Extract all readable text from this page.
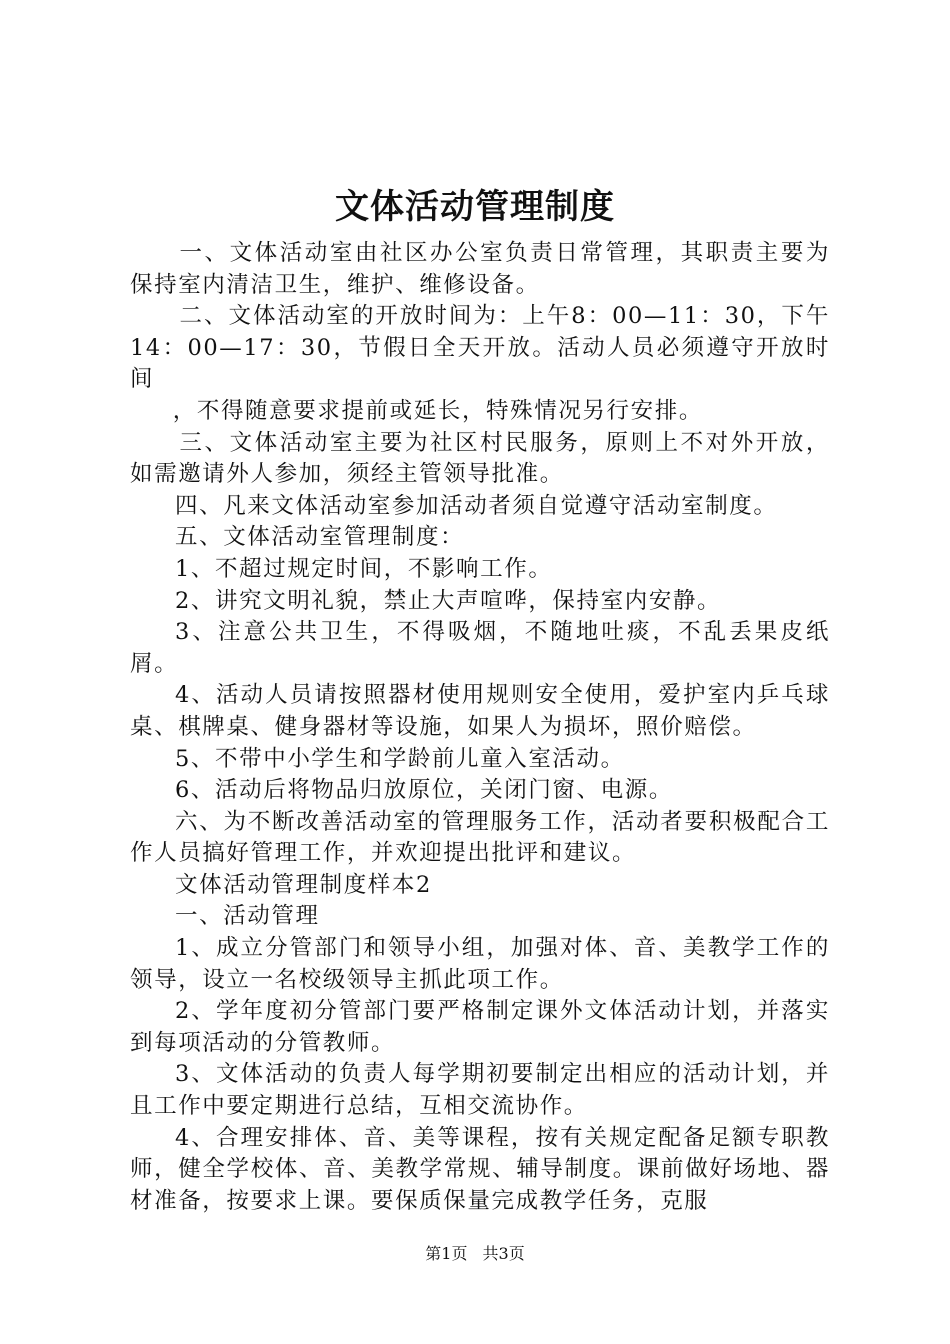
文体活动管理制度

一、文体活动室由社区办公室负责日常管理，其职责主要为保持室内清洁卫生，维护、维修设备。

二、文体活动室的开放时间为：上午8：00—11：30，下午14：00—17：30，节假日全天开放。活动人员必须遵守开放时间

，不得随意要求提前或延长，特殊情况另行安排。

三、文体活动室主要为社区村民服务，原则上不对外开放，如需邀请外人参加，须经主管领导批准。

四、凡来文体活动室参加活动者须自觉遵守活动室制度。

五、文体活动室管理制度：

1、不超过规定时间，不影响工作。

2、讲究文明礼貌，禁止大声喧哗，保持室内安静。

3、注意公共卫生，不得吸烟，不随地吐痰，不乱丢果皮纸屑。

4、活动人员请按照器材使用规则安全使用，爱护室内乒乓球桌、棋牌桌、健身器材等设施，如果人为损坏，照价赔偿。

5、不带中小学生和学龄前儿童入室活动。

6、活动后将物品归放原位，关闭门窗、电源。

六、为不断改善活动室的管理服务工作，活动者要积极配合工作人员搞好管理工作，并欢迎提出批评和建议。

文体活动管理制度样本2

一、活动管理

1、成立分管部门和领导小组，加强对体、音、美教学工作的领导，设立一名校级领导主抓此项工作。

2、学年度初分管部门要严格制定课外文体活动计划，并落实到每项活动的分管教师。

3、文体活动的负责人每学期初要制定出相应的活动计划，并且工作中要定期进行总结，互相交流协作。

4、合理安排体、音、美等课程，按有关规定配备足额专职教师，健全学校体、音、美教学常规、辅导制度。课前做好场地、器材准备，按要求上课。要保质保量完成教学任务，克服

第1页 共3页
